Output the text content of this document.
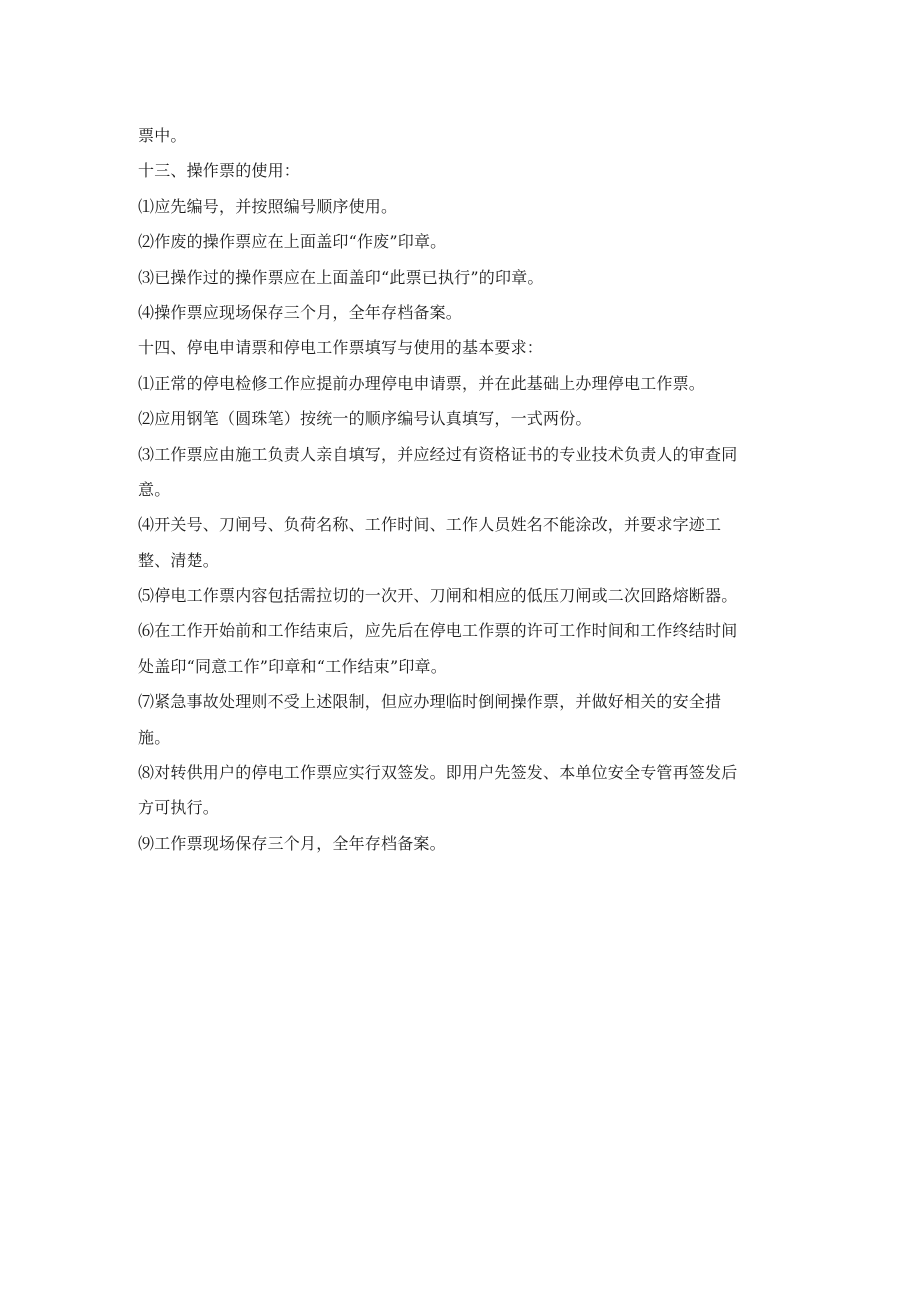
票中。
十三、操作票的使用：
⑴应先编号，并按照编号顺序使用。
⑵作废的操作票应在上面盖印“作废”印章。
⑶已操作过的操作票应在上面盖印“此票已执行”的印章。
⑷操作票应现场保存三个月，全年存档备案。
十四、停电申请票和停电工作票填写与使用的基本要求：
⑴正常的停电检修工作应提前办理停电申请票，并在此基础上办理停电工作票。
⑵应用钢笔（圆珠笔）按统一的顺序编号认真填写，一式两份。
⑶工作票应由施工负责人亲自填写，并应经过有资格证书的专业技术负责人的审查同
意。
⑷开关号、刀闸号、负荷名称、工作时间、工作人员姓名不能涂改，并要求字迹工
整、清楚。
⑸停电工作票内容包括需拉切的一次开、刀闸和相应的低压刀闸或二次回路熔断器。
⑹在工作开始前和工作结束后，应先后在停电工作票的许可工作时间和工作终结时间
处盖印“同意工作”印章和“工作结束”印章。
⑺紧急事故处理则不受上述限制，但应办理临时倒闸操作票，并做好相关的安全措
施。
⑻对转供用户的停电工作票应实行双签发。即用户先签发、本单位安全专管再签发后
方可执行。
⑼工作票现场保存三个月，全年存档备案。
